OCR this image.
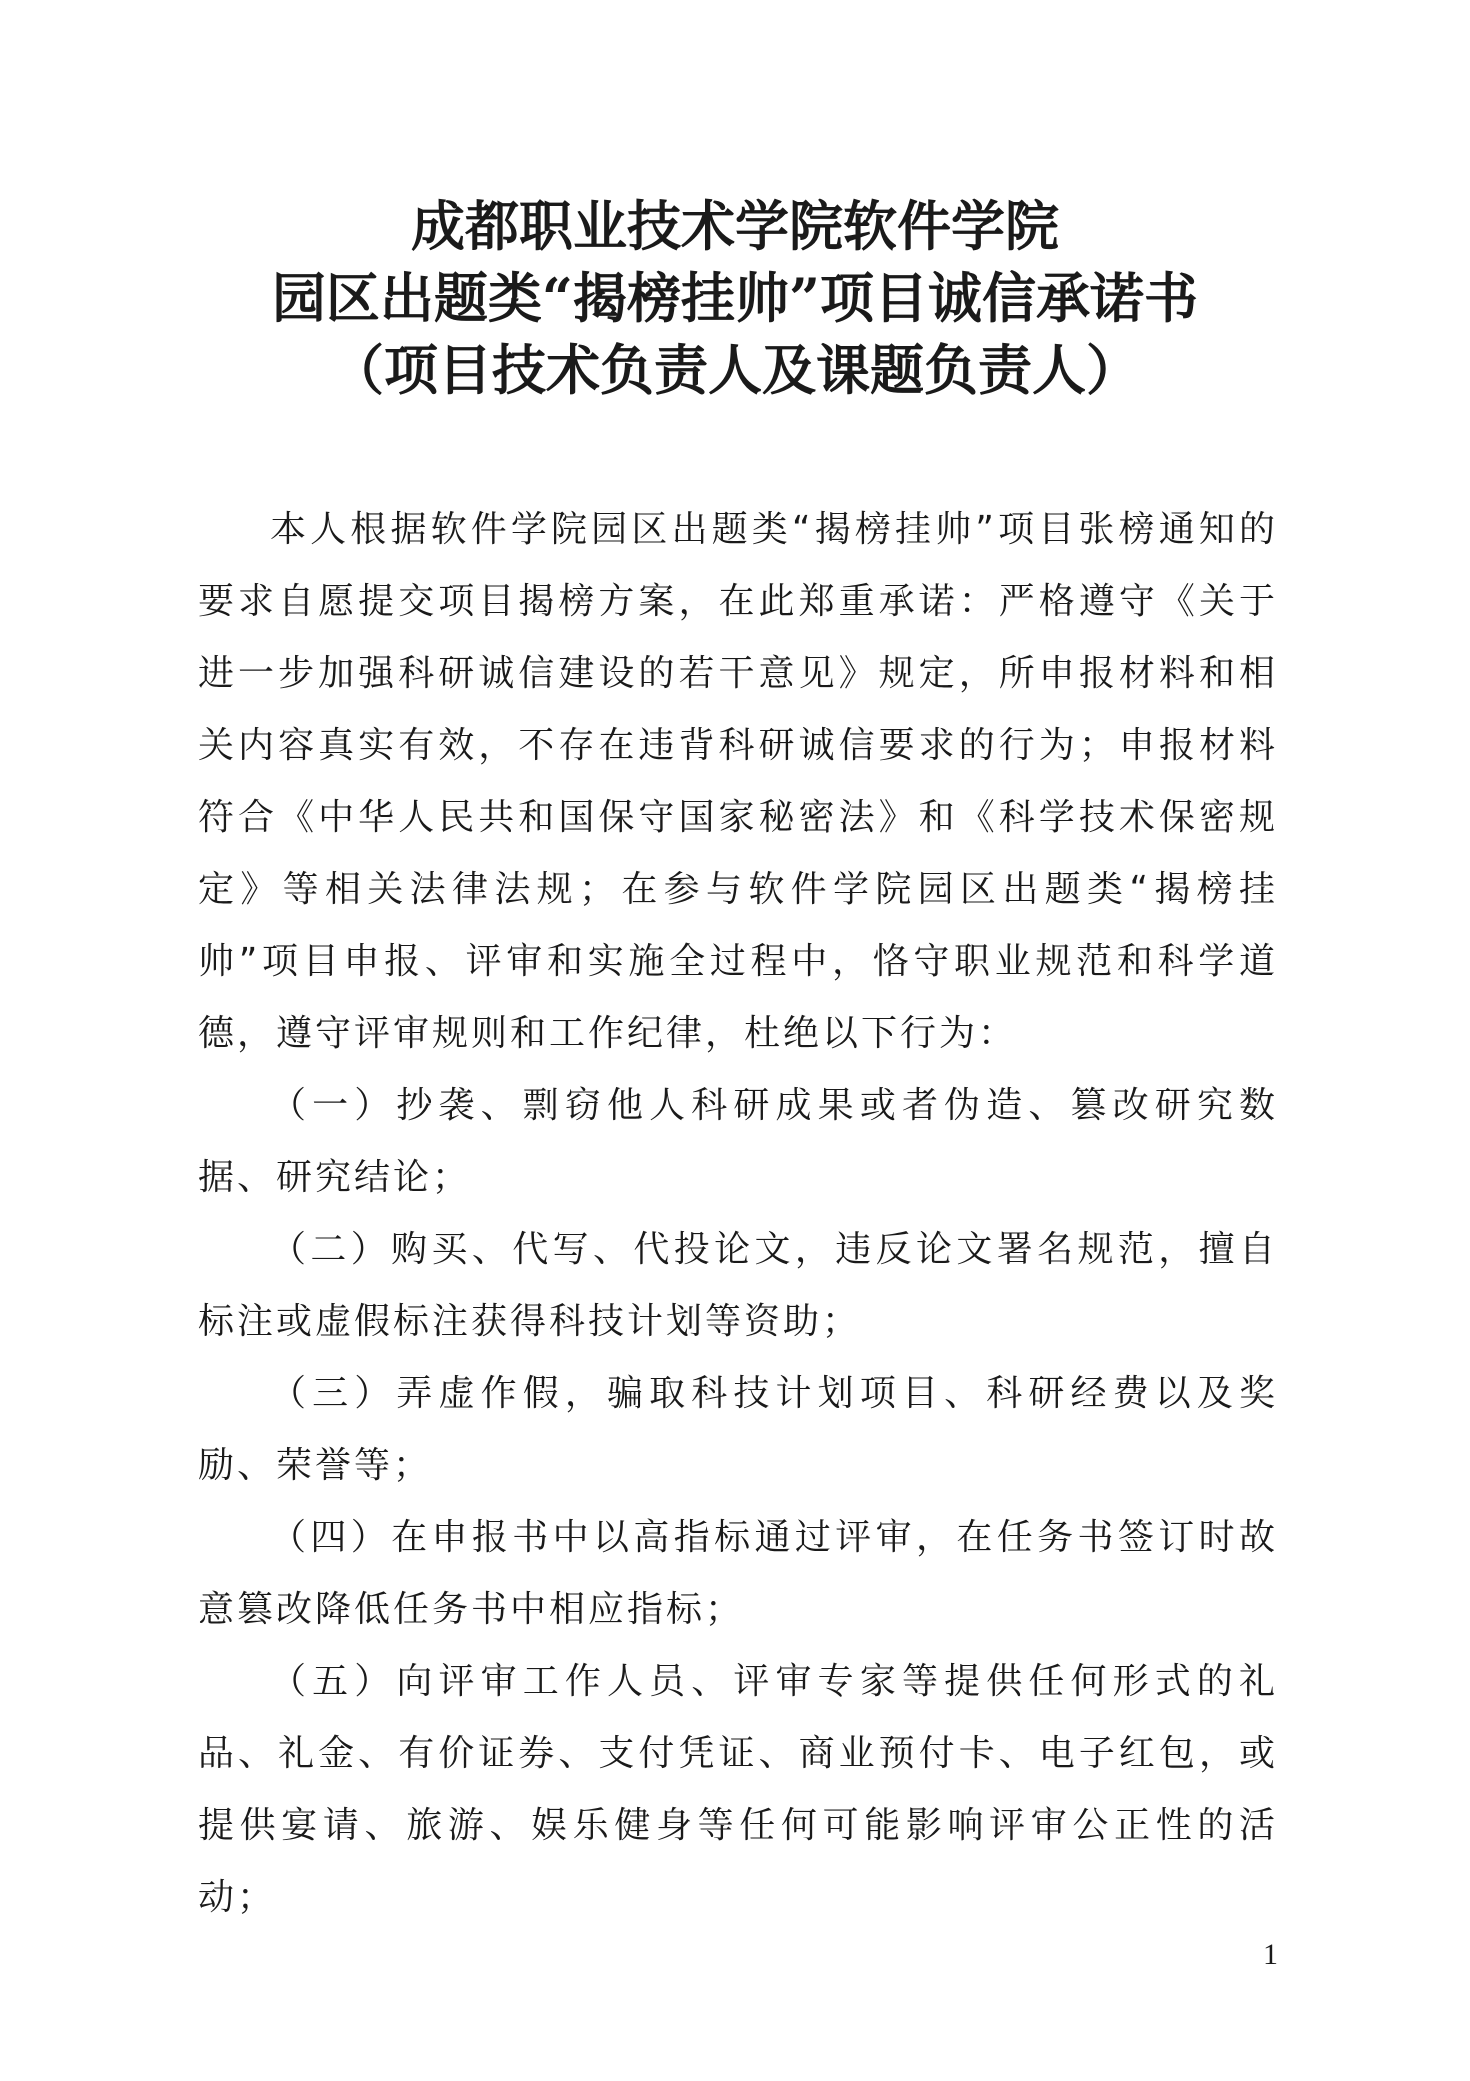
成都职业技术学院软件学院
园区出题类“揭榜挂帅”项目诚信承诺书
（项目技术负责人及课题负责人）

本人根据软件学院园区出题类“揭榜挂帅”项目张榜通知的要求自愿提交项目揭榜方案，在此郑重承诺：严格遵守《关于进一步加强科研诚信建设的若干意见》规定，所申报材料和相关内容真实有效，不存在违背科研诚信要求的行为；申报材料符合《中华人民共和国保守国家秘密法》和《科学技术保密规定》等相关法律法规；在参与软件学院园区出题类“揭榜挂帅”项目申报、评审和实施全过程中，恪守职业规范和科学道德，遵守评审规则和工作纪律，杜绝以下行为：

（一）抄袭、剽窃他人科研成果或者伪造、篡改研究数据、研究结论；

（二）购买、代写、代投论文，违反论文署名规范，擅自标注或虚假标注获得科技计划等资助；

（三）弄虚作假，骗取科技计划项目、科研经费以及奖励、荣誉等；

（四）在申报书中以高指标通过评审，在任务书签订时故意篡改降低任务书中相应指标；

（五）向评审工作人员、评审专家等提供任何形式的礼品、礼金、有价证券、支付凭证、商业预付卡、电子红包，或提供宴请、旅游、娱乐健身等任何可能影响评审公正性的活动；

1
